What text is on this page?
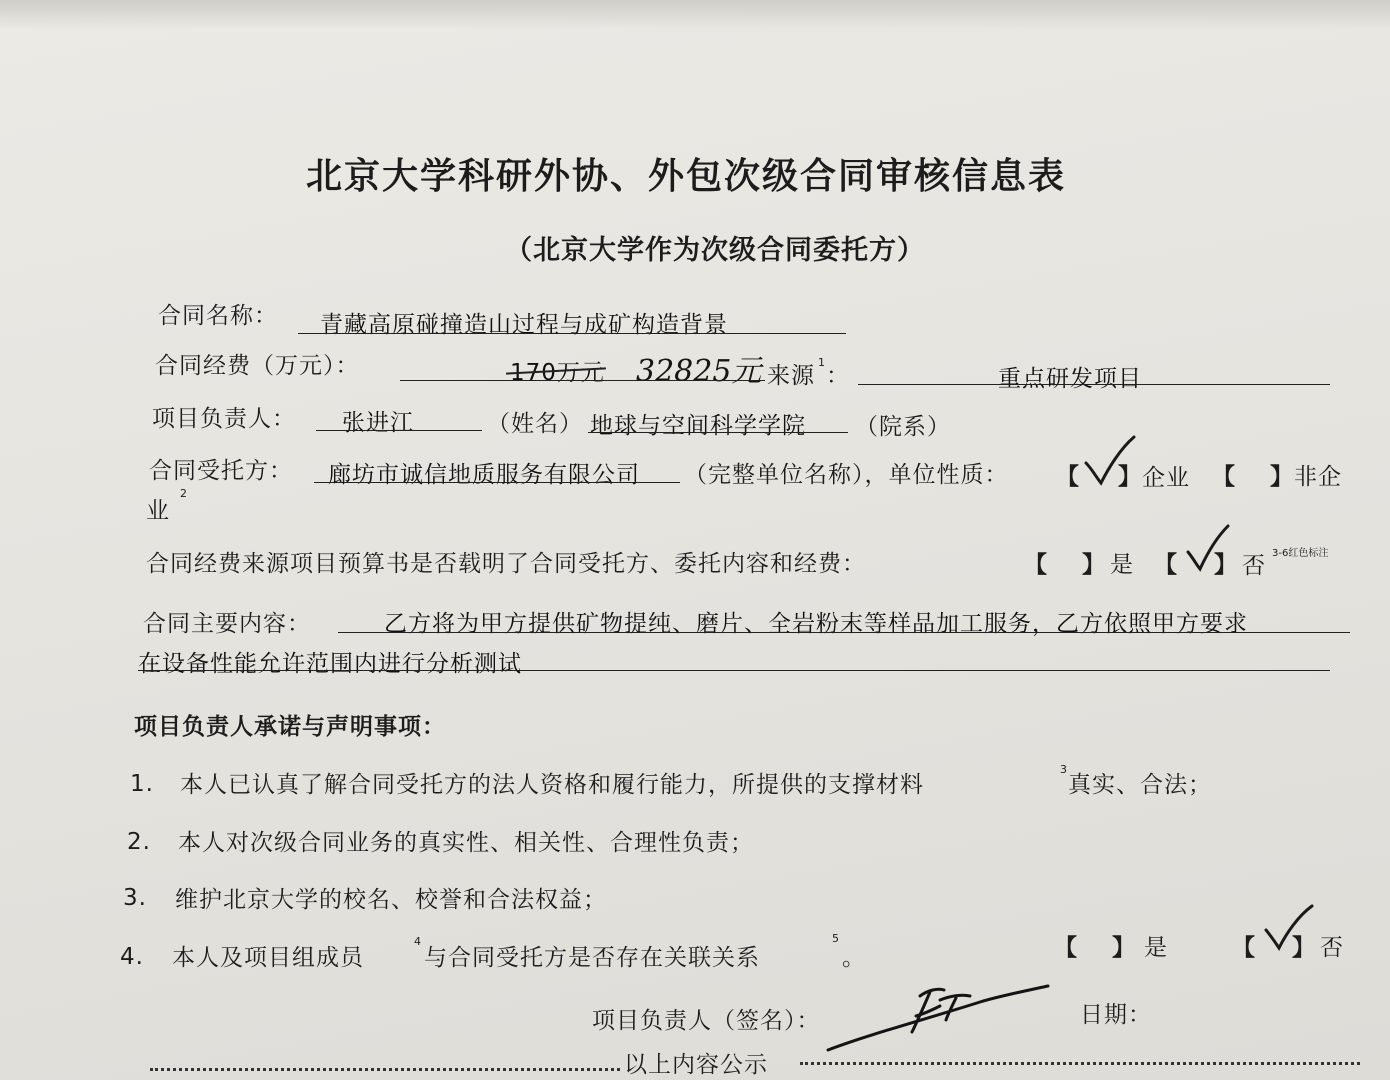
北京大学科研外协、外包次级合同审核信息表
（北京大学作为次级合同委托方）
合同名称： 青藏高原碰撞造山过程与成矿构造背景
合同经费（万元）：	170万元 32825元 来源
1
：	重点研发项目
项目负责人： 张进江	（姓名） 地球与空间科学学院 （院系）
合同受托方： 廊坊市诚信地质服务有限公司 （完整单位名称），单位性质： 【 】 企业 【 】 非企
业
2
合同经费来源项目预算书是否载明了合同受托方、委托内容和经费：	【 】 是 【 】 否 3-6红色标注
合同主要内容：	乙方将为甲方提供矿物提纯、磨片、全岩粉末等样品加工服务，乙方依照甲方要求
在设备性能允许范围内进行分析测试
项目负责人承诺与声明事项：
1. 本人已认真了解合同受托方的法人资格和履行能力，所提供的支撑材料
3
真实、合法；
2. 本人对次级合同业务的真实性、相关性、合理性负责；
3. 维护北京大学的校名、校誉和合法权益；
4. 本人及项目组成员
4
与合同受托方是否存在关联关系
5
。	【 】 是	【 】 否
项目负责人（签名）：	日期：
以上内容公示
